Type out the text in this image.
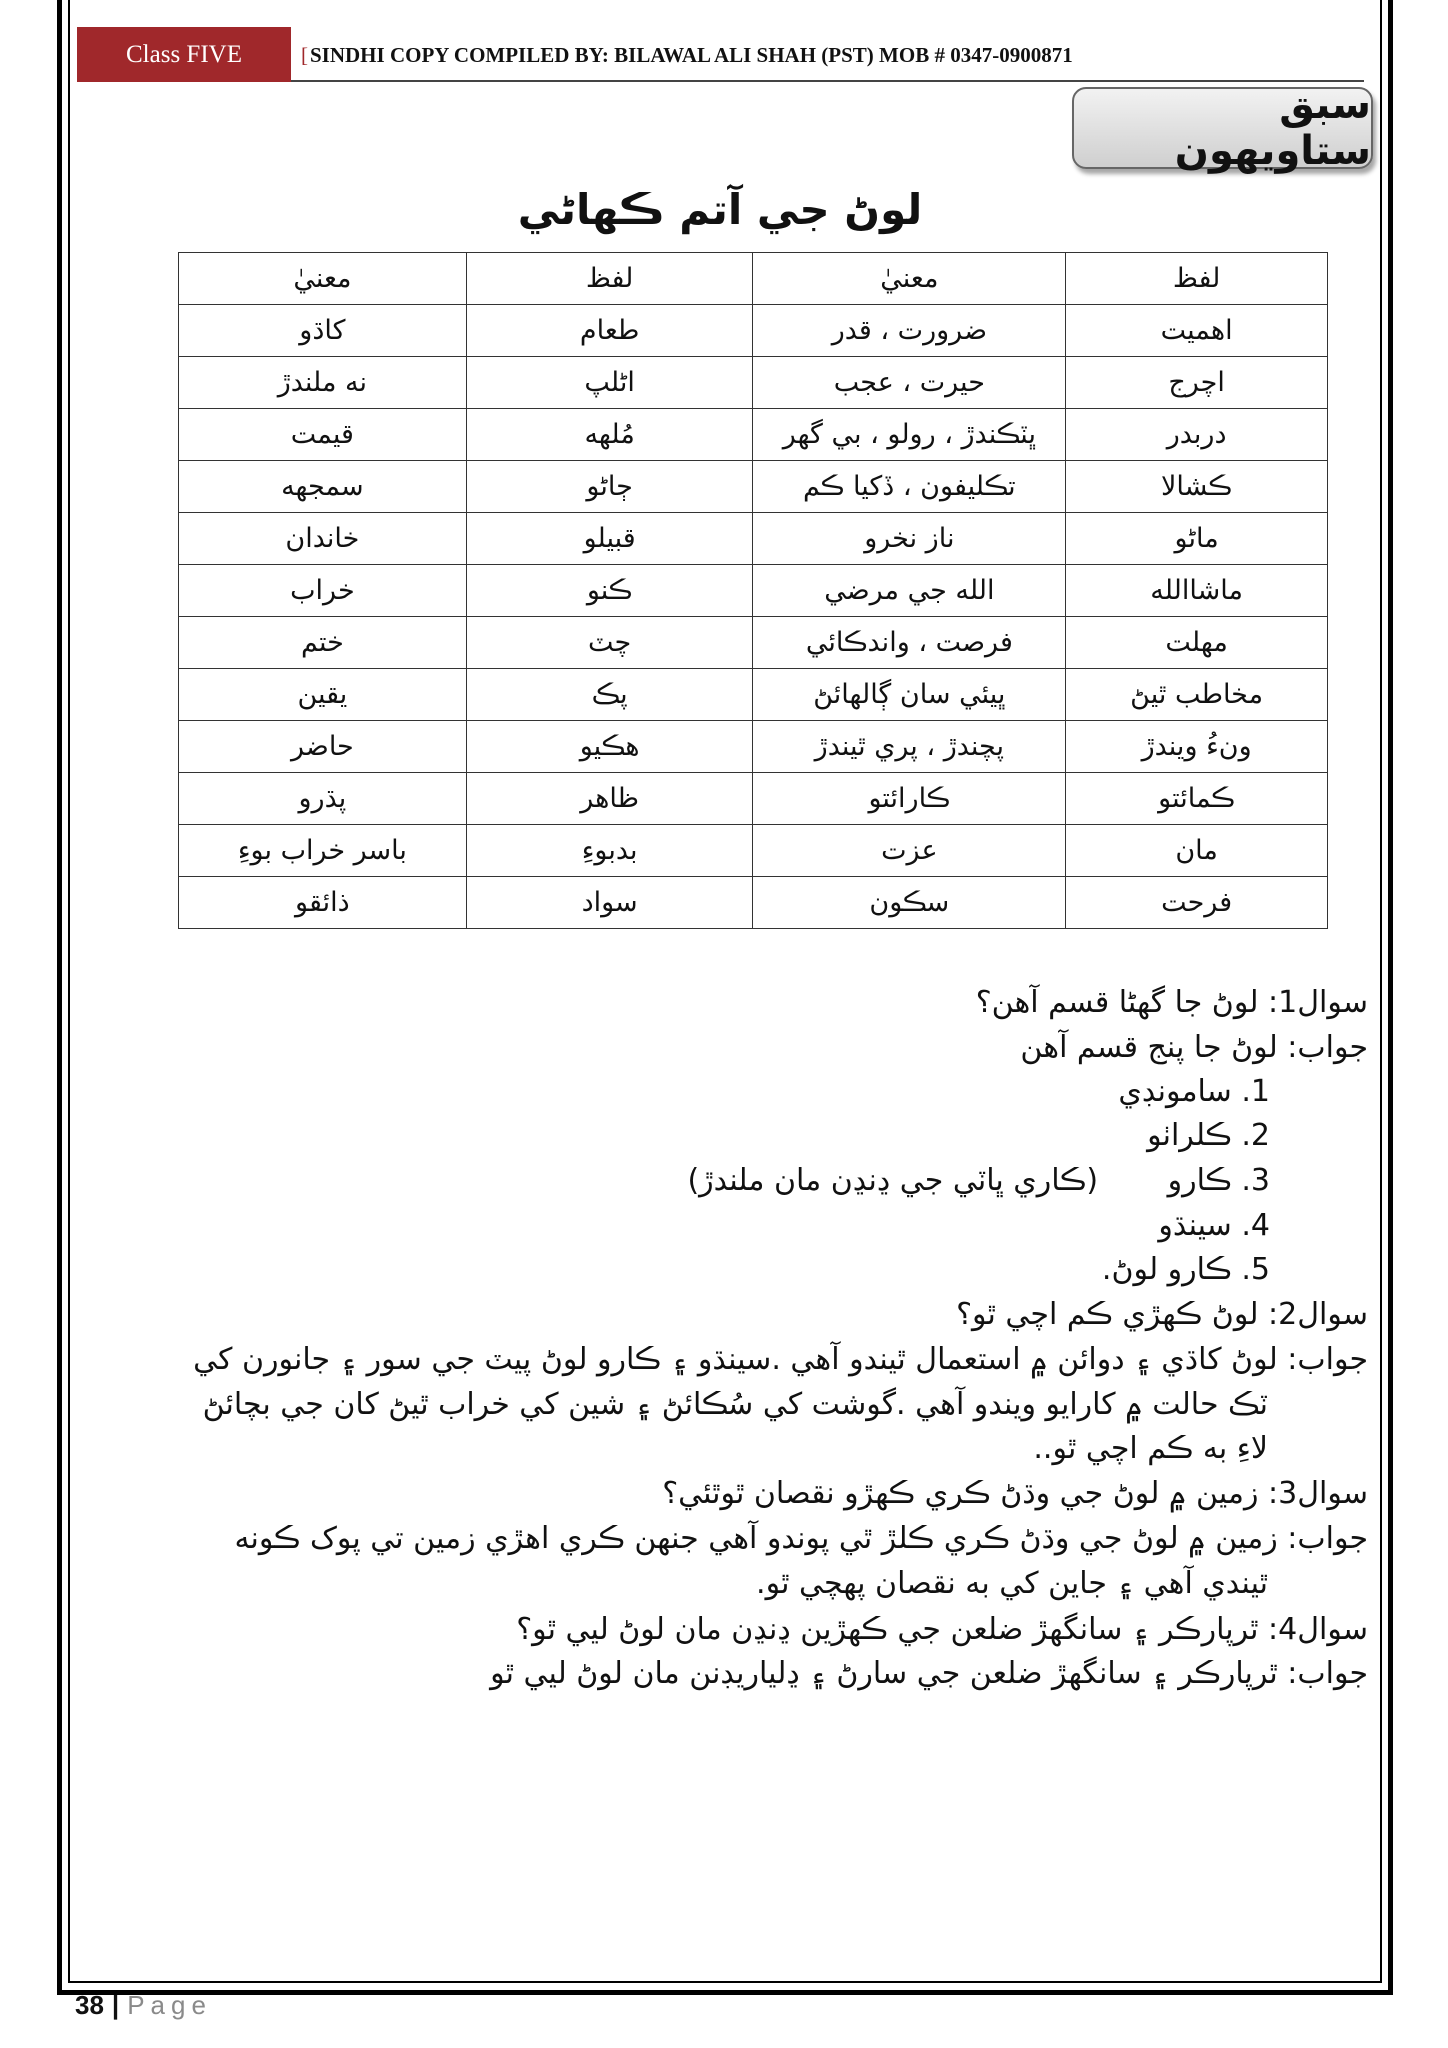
Class FIVE	[SINDHI COPY COMPILED BY: BILAWAL ALI SHAH (PST) MOB # 0347-0900871
سبق ستاويهون
لوڻ جي آتم ڪهاڻي
لفظ	معنيٰ	لفظ	معنيٰ
اهميت	ضرورت ، قدر	طعام	کاڌو
اچرج	حيرت ، عجب	اڻلپ	نه ملندڙ
دربدر	ڀٽڪندڙ ، رولو ، بي گهر	مُلهه	قيمت
ڪشالا	تڪليفون ، ڏکيا ڪم	ڄاڻو	سمجهه
ماڻو	ناز نخرو	قبيلو	خاندان
ماشاالله	الله جي مرضي	ڪنو	خراب
مهلت	فرصت ، واندڪائي	چٽ	ختم
مخاطب ٿيڻ	ڀيئي سان ڳالهائڻ	پڪ	يقين
ونءُ ويندڙ	پچندڙ ، پري ٿيندڙ	هڪيو	حاضر
ڪمائتو	ڪارائتو	ظاهر	پڌرو
مان	عزت	بدبوءِ	باسر خراب بوءِ
فرحت	سڪون	سواد	ذائقو
سوال1: لوڻ جا گهڻا قسم آهن؟
جواب: لوڻ جا پنج قسم آهن
1. سامونڊي
2. ڪلراٺو
3. ڪارو (ڪاري ڀاٽي جي ڍنڍن مان ملندڙ)
4. سينڌو
5. ڪارو لوڻ.
سوال2: لوڻ ڪهڙي ڪم اچي ٿو؟
جواب: لوڻ کاڌي ۽ دوائن ۾ استعمال ٿيندو آهي .سينڌو ۽ ڪارو لوڻ پيٽ جي سور ۽ جانورن کي
ٽڪ حالت ۾ کارايو ويندو آهي .گوشت کي سُڪائڻ ۽ شين کي خراب ٿيڻ کان جي بچائڻ
لاءِ به ڪم اچي ٿو..
سوال3: زمين ۾ لوڻ جي وڌڻ ڪري ڪهڙو نقصان ٿوٿئي؟
جواب: زمين ۾ لوڻ جي وڌڻ ڪري ڪلڙ ٿي پوندو آهي جنهن ڪري اهڙي زمين تي پوک ڪونه
ٿيندي آهي ۽ جاين کي به نقصان پهچي ٿو.
سوال4: ٿرپارڪر ۽ سانگهڙ ضلعن جي ڪهڙين ڍنڍن مان لوڻ ليي ٿو؟
جواب: ٿرپارڪر ۽ سانگهڙ ضلعن جي سارڻ ۽ ڍلياريڊنن مان لوڻ ليي ٿو
38 | Page
